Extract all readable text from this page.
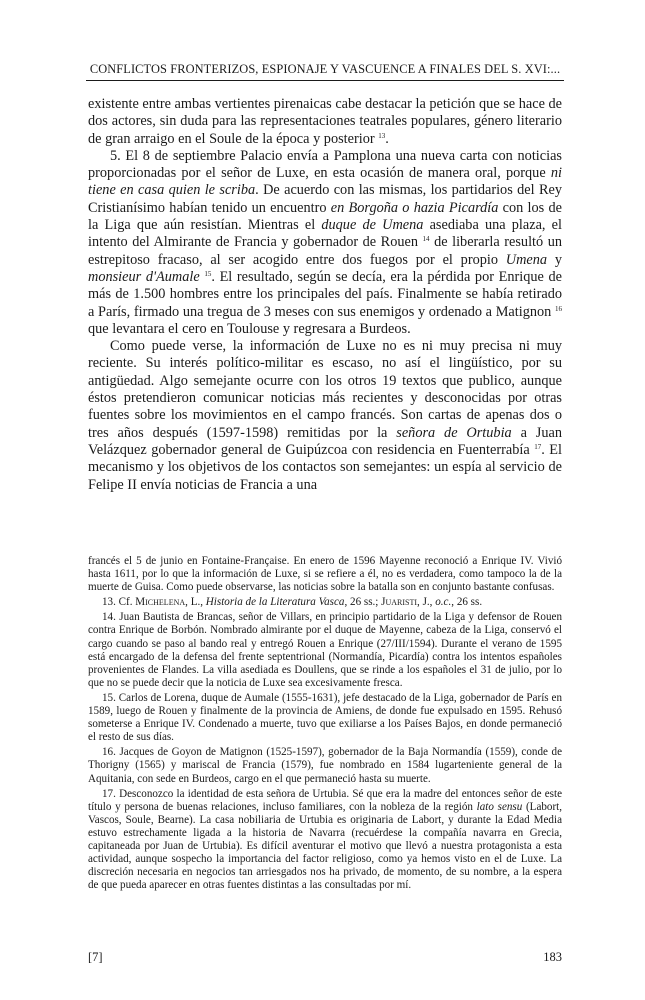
CONFLICTOS FRONTERIZOS, ESPIONAJE Y VASCUENCE A FINALES DEL S. XVI:...

existente entre ambas vertientes pirenaicas cabe destacar la petición que se hace de dos actores, sin duda para las representaciones teatrales populares, género literario de gran arraigo en el Soule de la época y posterior $^{13}$.

5. El 8 de septiembre Palacio envía a Pamplona una nueva carta con noticias proporcionadas por el señor de Luxe, en esta ocasión de manera oral, porque ni tiene en casa quien le scriba. De acuerdo con las mismas, los partidarios del Rey Cristianísimo habían tenido un encuentro en Borgoña o hazia Picardía con los de la Liga que aún resistían. Mientras el duque de Umena asediaba una plaza, el intento del Almirante de Francia y gobernador de Rouen $^{14}$ de liberarla resultó un estrepitoso fracaso, al ser acogido entre dos fuegos por el propio Umena y monsieur d'Aumale $^{15}$. El resultado, según se decía, era la pérdida por Enrique de más de 1.500 hombres entre los principales del país. Finalmente se había retirado a París, firmado una tregua de 3 meses con sus enemigos y ordenado a Matignon $^{16}$ que levantara el cero en Toulouse y regresara a Burdeos.

Como puede verse, la información de Luxe no es ni muy precisa ni muy reciente. Su interés político-militar es escaso, no así el lingüístico, por su antigüedad. Algo semejante ocurre con los otros 19 textos que publico, aunque éstos pretendieron comunicar noticias más recientes y desconocidas por otras fuentes sobre los movimientos en el campo francés. Son cartas de apenas dos o tres años después (1597-1598) remitidas por la señora de Ortubia a Juan Velázquez gobernador general de Guipúzcoa con residencia en Fuenterrabía $^{17}$. El mecanismo y los objetivos de los contactos son semejantes: un espía al servicio de Felipe II envía noticias de Francia a una

francés el 5 de junio en Fontaine-Française. En enero de 1596 Mayenne reconoció a Enrique IV. Vivió hasta 1611, por lo que la información de Luxe, si se refiere a él, no es verdadera, como tampoco la de la muerte de Guisa. Como puede observarse, las noticias sobre la batalla son en conjunto bastante confusas.

13. Cf. Michelena, L., Historia de la Literatura Vasca, 26 ss.; Juaristi, J., o.c., 26 ss.

14. Juan Bautista de Brancas, señor de Villars, en principio partidario de la Liga y defensor de Rouen contra Enrique de Borbón. Nombrado almirante por el duque de Mayenne, cabeza de la Liga, conservó el cargo cuando se paso al bando real y entregó Rouen a Enrique (27/III/1594). Durante el verano de 1595 está encargado de la defensa del frente septentrional (Normandía, Picardía) contra los intentos españoles provenientes de Flandes. La villa asediada es Doullens, que se rinde a los españoles el 31 de julio, por lo que no se puede decir que la noticia de Luxe sea excesivamente fresca.

15. Carlos de Lorena, duque de Aumale (1555-1631), jefe destacado de la Liga, gobernador de París en 1589, luego de Rouen y finalmente de la provincia de Amiens, de donde fue expulsado en 1595. Rehusó someterse a Enrique IV. Condenado a muerte, tuvo que exiliarse a los Países Bajos, en donde permaneció el resto de sus días.

16. Jacques de Goyon de Matignon (1525-1597), gobernador de la Baja Normandía (1559), conde de Thorigny (1565) y mariscal de Francia (1579), fue nombrado en 1584 lugarteniente general de la Aquitania, con sede en Burdeos, cargo en el que permaneció hasta su muerte.

17. Desconozco la identidad de esta señora de Urtubia. Sé que era la madre del entonces señor de este título y persona de buenas relaciones, incluso familiares, con la nobleza de la región lato sensu (Labort, Vascos, Soule, Bearne). La casa nobiliaria de Urtubia es originaria de Labort, y durante la Edad Media estuvo estrechamente ligada a la historia de Navarra (recuérdese la compañía navarra en Grecia, capitaneada por Juan de Urtubia). Es difícil aventurar el motivo que llevó a nuestra protagonista a esta actividad, aunque sospecho la importancia del factor religioso, como ya hemos visto en el de Luxe. La discreción necesaria en negocios tan arriesgados nos ha privado, de momento, de su nombre, a la espera de que pueda aparecer en otras fuentes distintas a las consultadas por mí.

[7]	183
